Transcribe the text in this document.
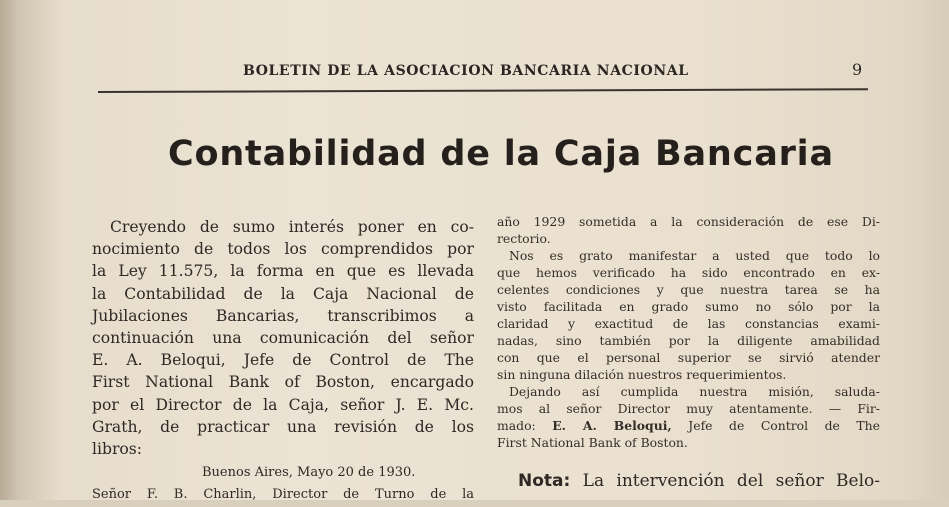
BOLETIN DE LA ASOCIACION BANCARIA NACIONAL	9
Contabilidad de la Caja Bancaria
Creyendo de sumo interés poner en co-
nocimiento de todos los comprendidos por
la Ley 11.575, la forma en que es llevada
la Contabilidad de la Caja Nacional de
Jubilaciones Bancarias, transcribimos a
continuación una comunicación del señor
E. A. Beloqui, Jefe de Control de The
First National Bank of Boston, encargado
por el Director de la Caja, señor J. E. Mc.
Grath, de practicar una revisión de los
libros:
Buenos Aires, Mayo 20 de 1930.
Señor F. B. Charlin, Director de Turno de la
año 1929 sometida a la consideración de ese Di-
rectorio.
Nos es grato manifestar a usted que todo lo
que hemos verificado ha sido encontrado en ex-
celentes condiciones y que nuestra tarea se ha
visto facilitada en grado sumo no sólo por la
claridad y exactitud de las constancias exami-
nadas, sino también por la diligente amabilidad
con que el personal superior se sirvió atender
sin ninguna dilación nuestros requerimientos.
Dejando así cumplida nuestra misión, saluda-
mos al señor Director muy atentamente. — Fir-
mado: E. A. Beloqui, Jefe de Control de The
First National Bank of Boston.
Nota: La intervención del señor Belo-
